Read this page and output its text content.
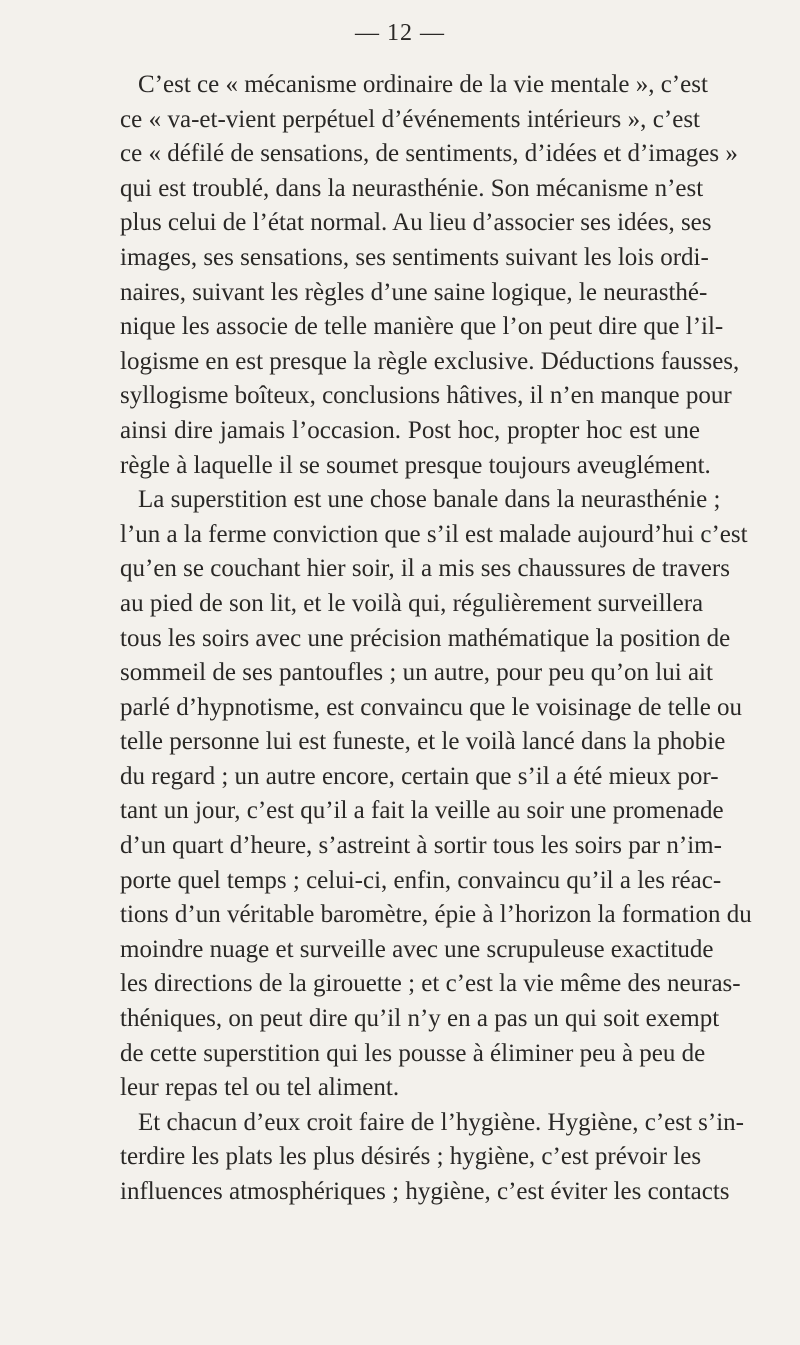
— 12 —
C’est ce « mécanisme ordinaire de la vie mentale », c’est
ce « va-et-vient perpétuel d’événements intérieurs », c’est
ce « défilé de sensations, de sentiments, d’idées et d’images »
qui est troublé, dans la neurasthénie. Son mécanisme n’est
plus celui de l’état normal. Au lieu d’associer ses idées, ses
images, ses sensations, ses sentiments suivant les lois ordi-
naires, suivant les règles d’une saine logique, le neurasthé-
nique les associe de telle manière que l’on peut dire que l’il-
logisme en est presque la règle exclusive. Déductions fausses,
syllogisme boîteux, conclusions hâtives, il n’en manque pour
ainsi dire jamais l’occasion. Post hoc, propter hoc est une
règle à laquelle il se soumet presque toujours aveuglément.
La superstition est une chose banale dans la neurasthénie ;
l’un a la ferme conviction que s’il est malade aujourd’hui c’est
qu’en se couchant hier soir, il a mis ses chaussures de travers
au pied de son lit, et le voilà qui, régulièrement surveillera
tous les soirs avec une précision mathématique la position de
sommeil de ses pantoufles ; un autre, pour peu qu’on lui ait
parlé d’hypnotisme, est convaincu que le voisinage de telle ou
telle personne lui est funeste, et le voilà lancé dans la phobie
du regard ; un autre encore, certain que s’il a été mieux por-
tant un jour, c’est qu’il a fait la veille au soir une promenade
d’un quart d’heure, s’astreint à sortir tous les soirs par n’im-
porte quel temps ; celui-ci, enfin, convaincu qu’il a les réac-
tions d’un véritable baromètre, épie à l’horizon la formation du
moindre nuage et surveille avec une scrupuleuse exactitude
les directions de la girouette ; et c’est la vie même des neuras-
théniques, on peut dire qu’il n’y en a pas un qui soit exempt
de cette superstition qui les pousse à éliminer peu à peu de
leur repas tel ou tel aliment.
Et chacun d’eux croit faire de l’hygiène. Hygiène, c’est s’in-
terdire les plats les plus désirés ; hygiène, c’est prévoir les
influences atmosphériques ; hygiène, c’est éviter les contacts
